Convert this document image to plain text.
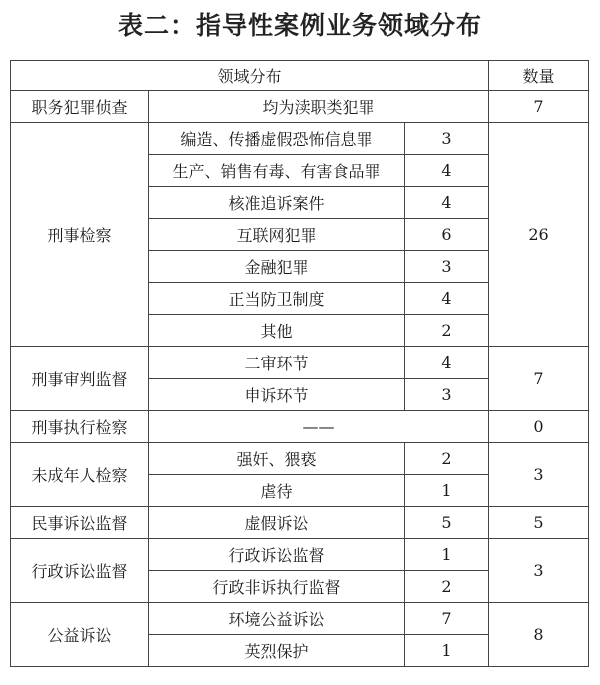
表二：指导性案例业务领域分布
领域分布			数量
职务犯罪侦查	均为渎职类犯罪		7
刑事检察	编造、传播虚假恐怖信息罪	3	26
	生产、销售有毒、有害食品罪	4	
	核准追诉案件	4	
	互联网犯罪	6	
	金融犯罪	3	
	正当防卫制度	4	
	其他	2	
刑事审判监督	二审环节	4	7
	申诉环节	3	
刑事执行检察	——		0
未成年人检察	强奸、猥亵	2	3
	虐待	1	
民事诉讼监督	虚假诉讼	5	5
行政诉讼监督	行政诉讼监督	1	3
	行政非诉执行监督	2	
公益诉讼	环境公益诉讼	7	8
	英烈保护	1	
